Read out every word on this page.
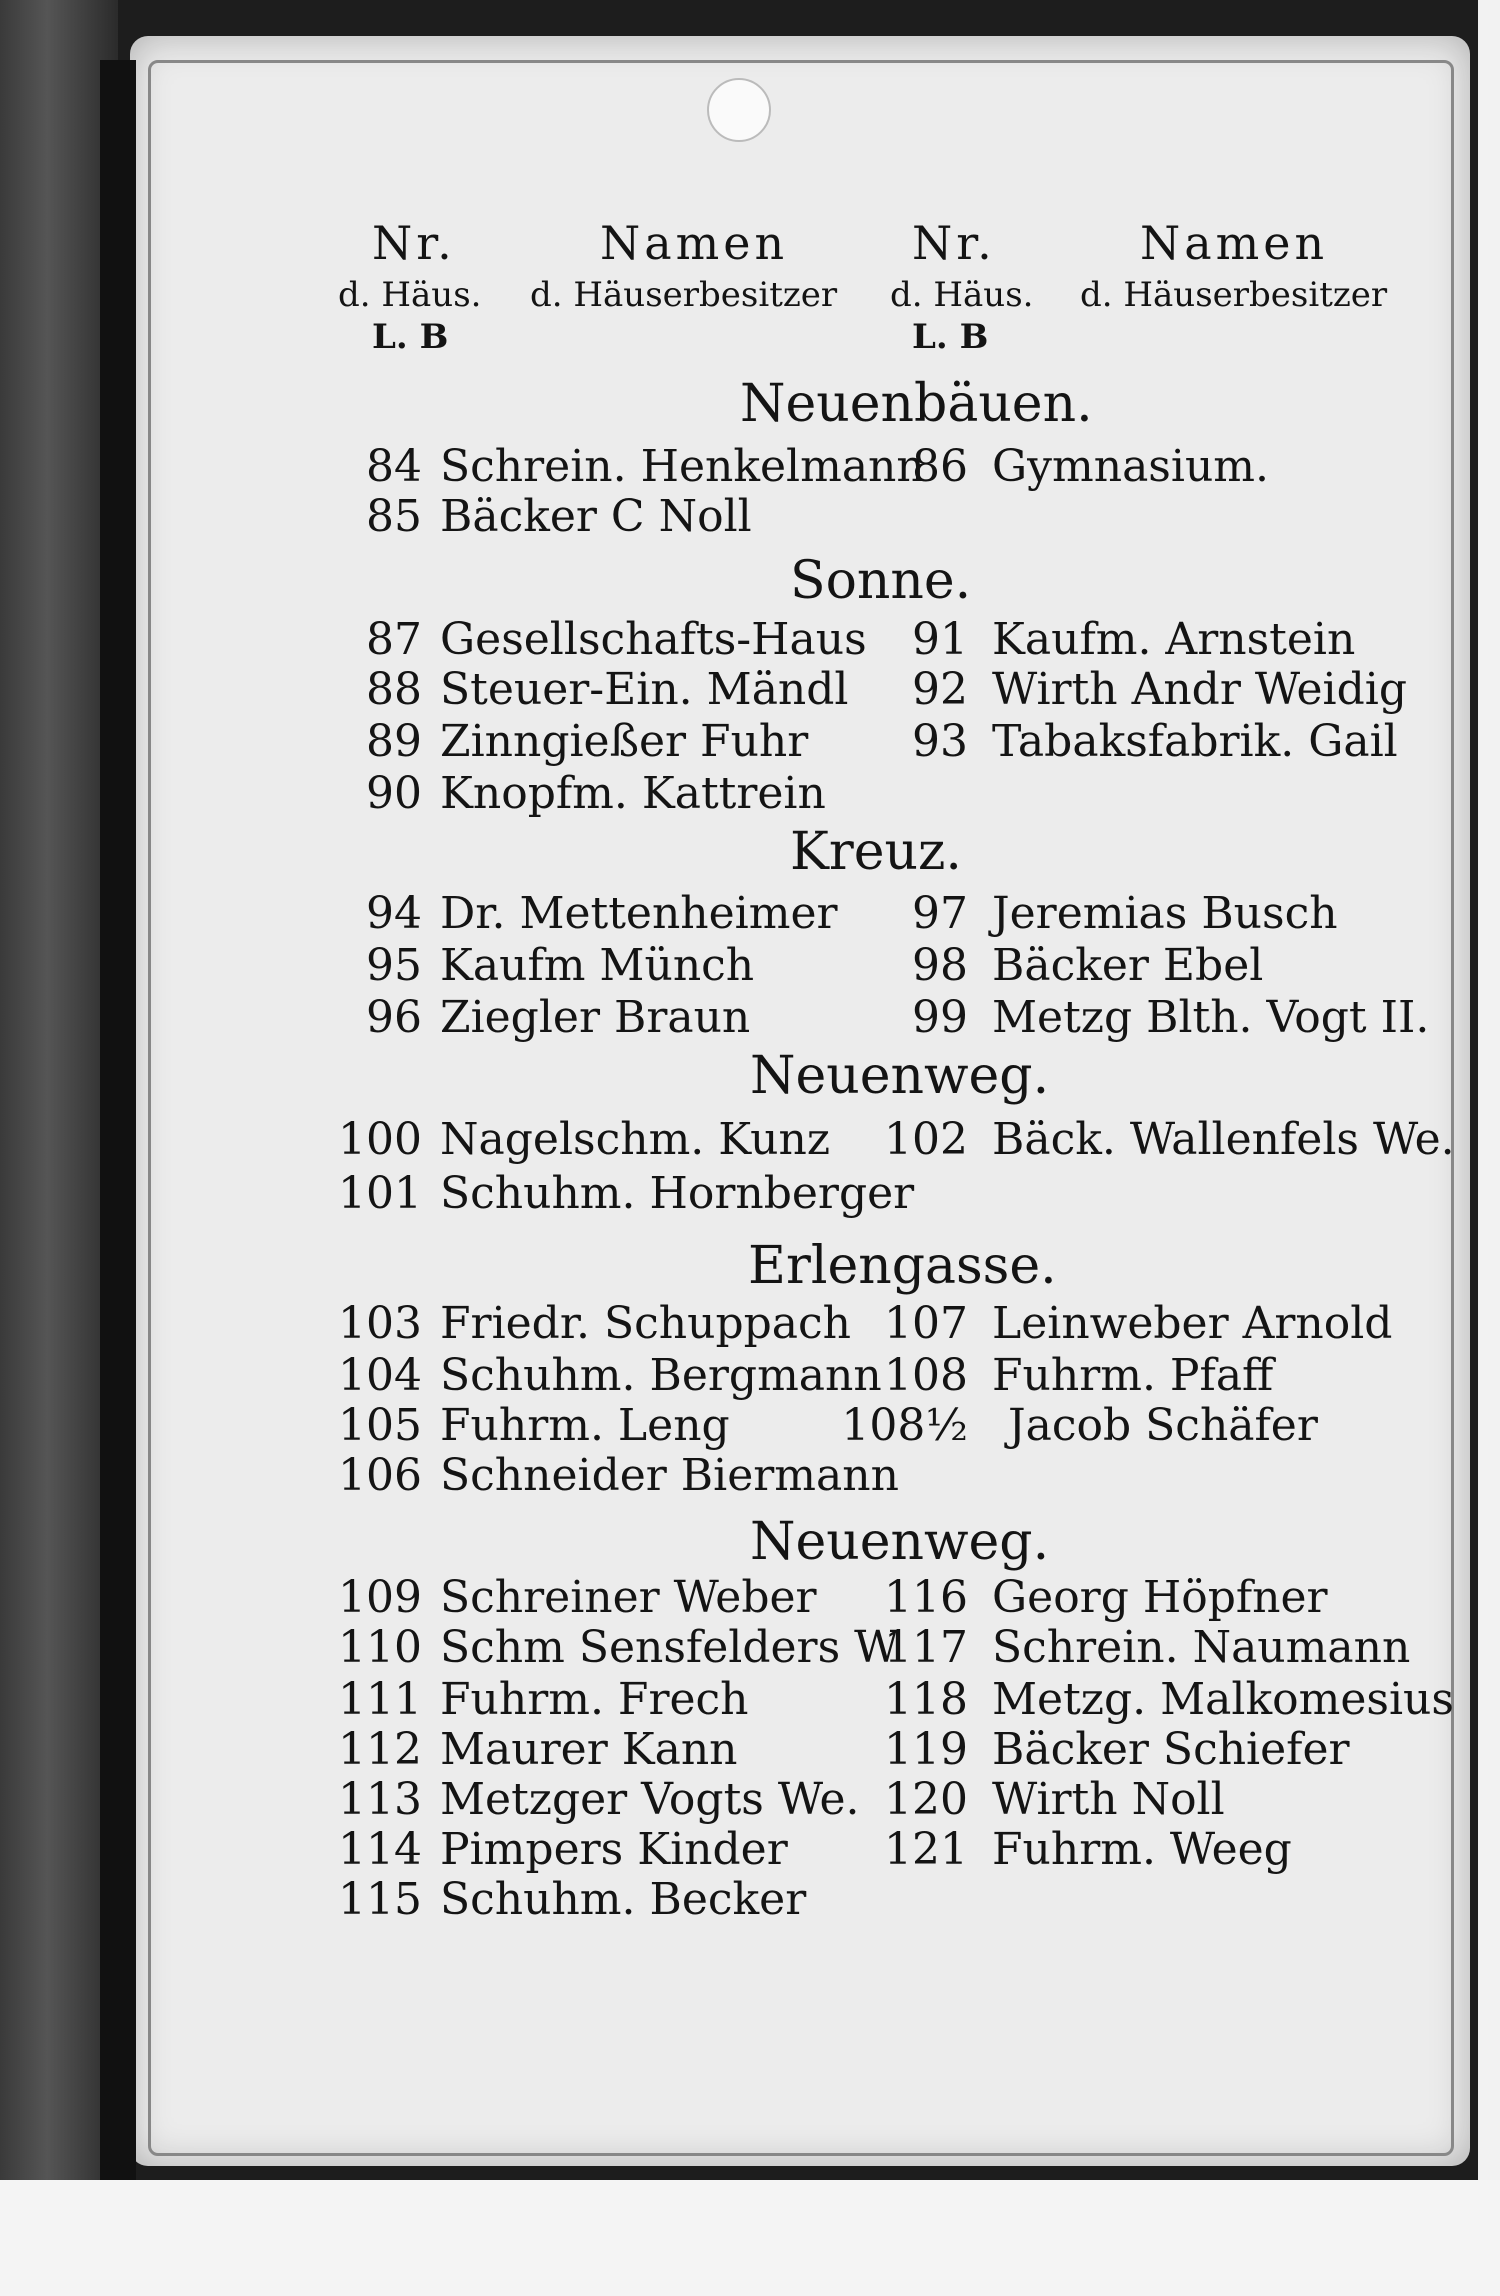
Nr.
d. Häus.
L. B
Namen
d. Häuserbesitzer
Nr.
d. Häus.
L. B
Namen
d. Häuserbesitzer
Neuenbäuen.
84 Schrein. Henkelmann
85 Bäcker C Noll
86 Gymnasium.
Sonne.
87 Gesellschafts-Haus
88 Steuer-Ein. Mändl
89 Zinngießer Fuhr
90 Knopfm. Kattrein
91 Kaufm. Arnstein
92 Wirth Andr Weidig
93 Tabaksfabrik. Gail
Kreuz.
94 Dr. Mettenheimer
95 Kaufm Münch
96 Ziegler Braun
97 Jeremias Busch
98 Bäcker Ebel
99 Metzg Blth. Vogt II.
Neuenweg.
100 Nagelschm. Kunz
101 Schuhm. Hornberger
102 Bäck. Wallenfels We.
Erlengasse.
103 Friedr. Schuppach
104 Schuhm. Bergmann
105 Fuhrm. Leng
106 Schneider Biermann
107 Leinweber Arnold
108 Fuhrm. Pfaff
108½ Jacob Schäfer
Neuenweg.
109 Schreiner Weber
110 Schm Sensfelders W
111 Fuhrm. Frech
112 Maurer Kann
113 Metzger Vogts We.
114 Pimpers Kinder
115 Schuhm. Becker
116 Georg Höpfner
117 Schrein. Naumann
118 Metzg. Malkomesius
119 Bäcker Schiefer
120 Wirth Noll
121 Fuhrm. Weeg
